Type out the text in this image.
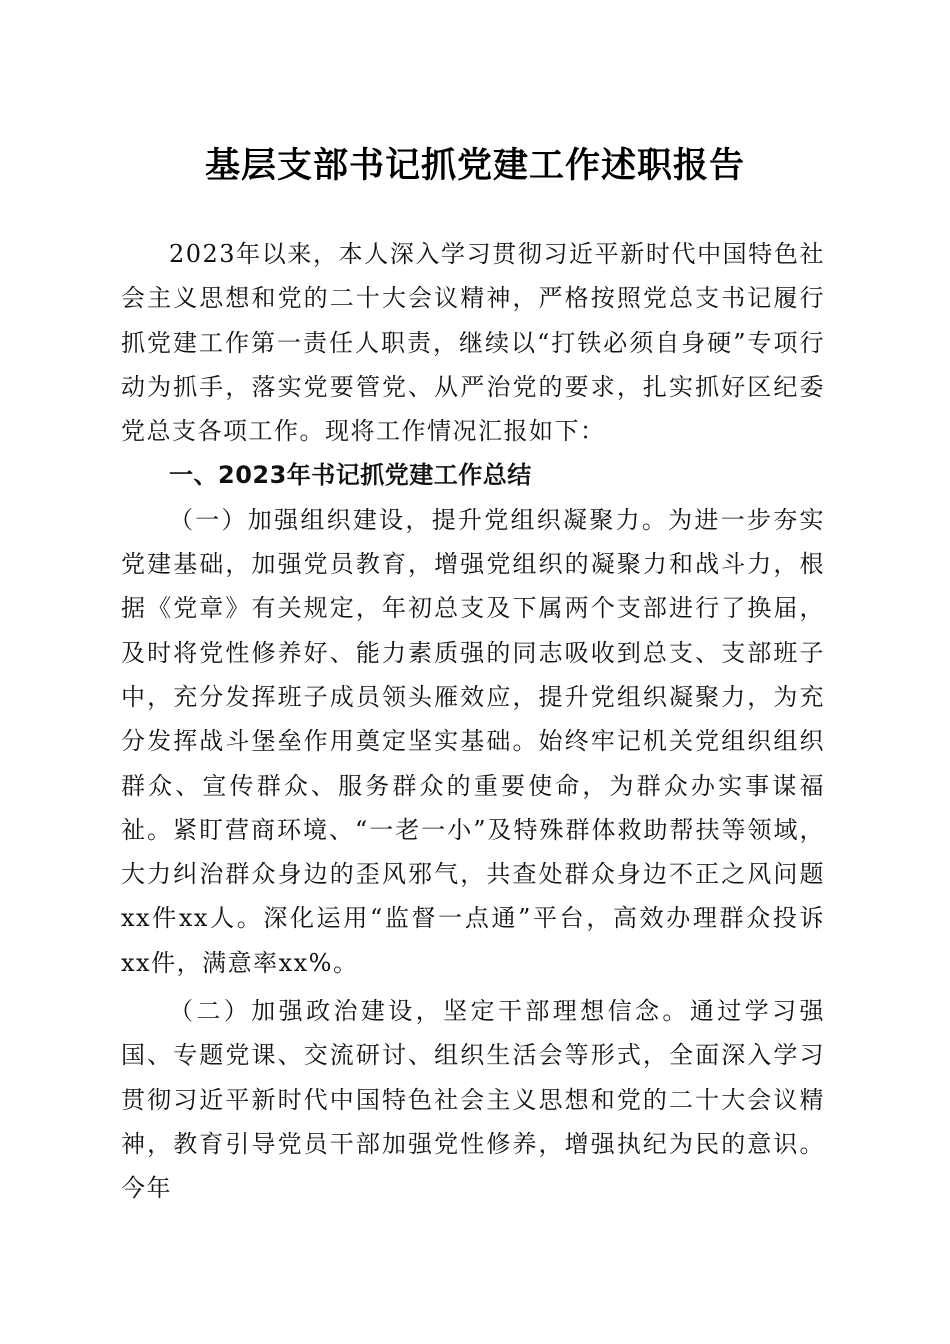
基层支部书记抓党建工作述职报告

2023年以来，本人深入学习贯彻习近平新时代中国特色社会主义思想和党的二十大会议精神，严格按照党总支书记履行抓党建工作第一责任人职责，继续以“打铁必须自身硬”专项行动为抓手，落实党要管党、从严治党的要求，扎实抓好区纪委党总支各项工作。现将工作情况汇报如下：

一、2023年书记抓党建工作总结

（一）加强组织建设，提升党组织凝聚力。为进一步夯实党建基础，加强党员教育，增强党组织的凝聚力和战斗力，根据《党章》有关规定，年初总支及下属两个支部进行了换届，及时将党性修养好、能力素质强的同志吸收到总支、支部班子中，充分发挥班子成员领头雁效应，提升党组织凝聚力，为充分发挥战斗堡垒作用奠定坚实基础。始终牢记机关党组织组织群众、宣传群众、服务群众的重要使命，为群众办实事谋福祉。紧盯营商环境、“一老一小”及特殊群体救助帮扶等领域，大力纠治群众身边的歪风邪气，共查处群众身边不正之风问题xx件xx人。深化运用“监督一点通”平台，高效办理群众投诉xx件，满意率xx%。

（二）加强政治建设，坚定干部理想信念。通过学习强国、专题党课、交流研讨、组织生活会等形式，全面深入学习贯彻习近平新时代中国特色社会主义思想和党的二十大会议精神，教育引导党员干部加强党性修养，增强执纪为民的意识。今年
